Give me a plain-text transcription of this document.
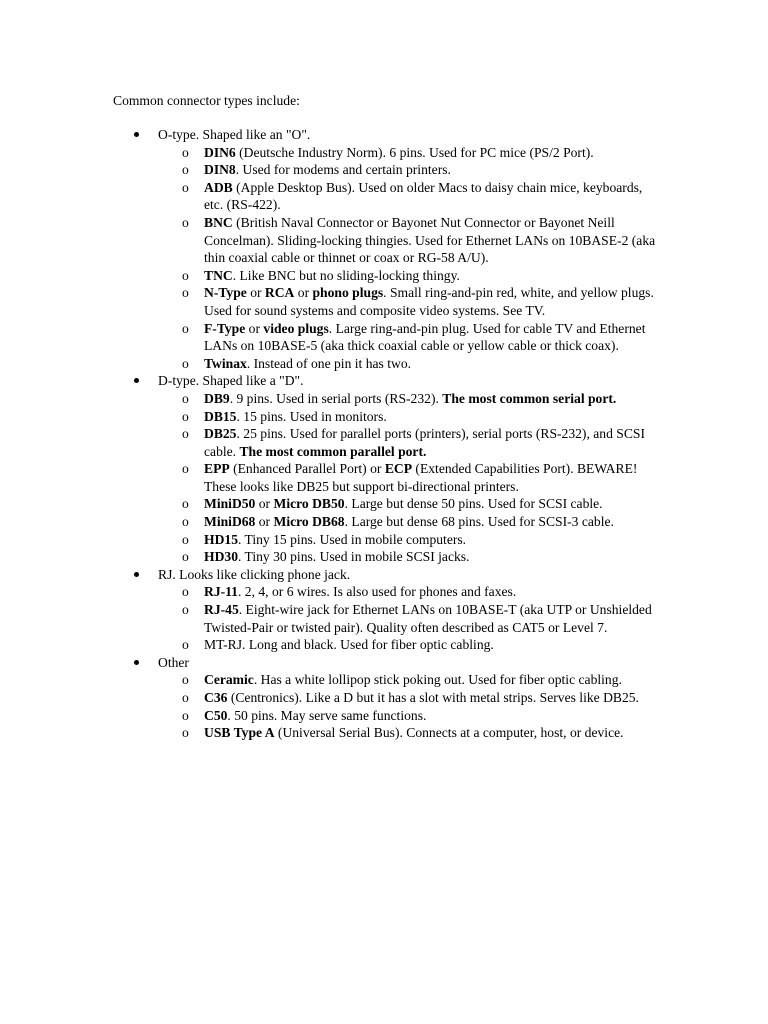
Common connector types include:

O-type. Shaped like an "O".
o DIN6 (Deutsche Industry Norm). 6 pins. Used for PC mice (PS/2 Port).
o DIN8. Used for modems and certain printers.
o ADB (Apple Desktop Bus). Used on older Macs to daisy chain mice, keyboards, etc. (RS-422).
o BNC (British Naval Connector or Bayonet Nut Connector or Bayonet Neill Concelman). Sliding-locking thingies. Used for Ethernet LANs on 10BASE-2 (aka thin coaxial cable or thinnet or coax or RG-58 A/U).
o TNC. Like BNC but no sliding-locking thingy.
o N-Type or RCA or phono plugs. Small ring-and-pin red, white, and yellow plugs. Used for sound systems and composite video systems. See TV.
o F-Type or video plugs. Large ring-and-pin plug. Used for cable TV and Ethernet LANs on 10BASE-5 (aka thick coaxial cable or yellow cable or thick coax).
o Twinax. Instead of one pin it has two.
D-type. Shaped like a "D".
o DB9. 9 pins. Used in serial ports (RS-232). The most common serial port.
o DB15. 15 pins. Used in monitors.
o DB25. 25 pins. Used for parallel ports (printers), serial ports (RS-232), and SCSI cable. The most common parallel port.
o EPP (Enhanced Parallel Port) or ECP (Extended Capabilities Port). BEWARE!
These looks like DB25 but support bi-directional printers.
o MiniD50 or Micro DB50. Large but dense 50 pins. Used for SCSI cable.
o MiniD68 or Micro DB68. Large but dense 68 pins. Used for SCSI-3 cable.
o HD15. Tiny 15 pins. Used in mobile computers.
o HD30. Tiny 30 pins. Used in mobile SCSI jacks.
RJ. Looks like clicking phone jack.
o RJ-11. 2, 4, or 6 wires. Is also used for phones and faxes.
o RJ-45. Eight-wire jack for Ethernet LANs on 10BASE-T (aka UTP or Unshielded Twisted-Pair or twisted pair). Quality often described as CAT5 or Level 7.
o MT-RJ. Long and black. Used for fiber optic cabling.
Other
o Ceramic. Has a white lollipop stick poking out. Used for fiber optic cabling.
o C36 (Centronics). Like a D but it has a slot with metal strips. Serves like DB25.
o C50. 50 pins. May serve same functions.
o USB Type A (Universal Serial Bus). Connects at a computer, host, or device.
